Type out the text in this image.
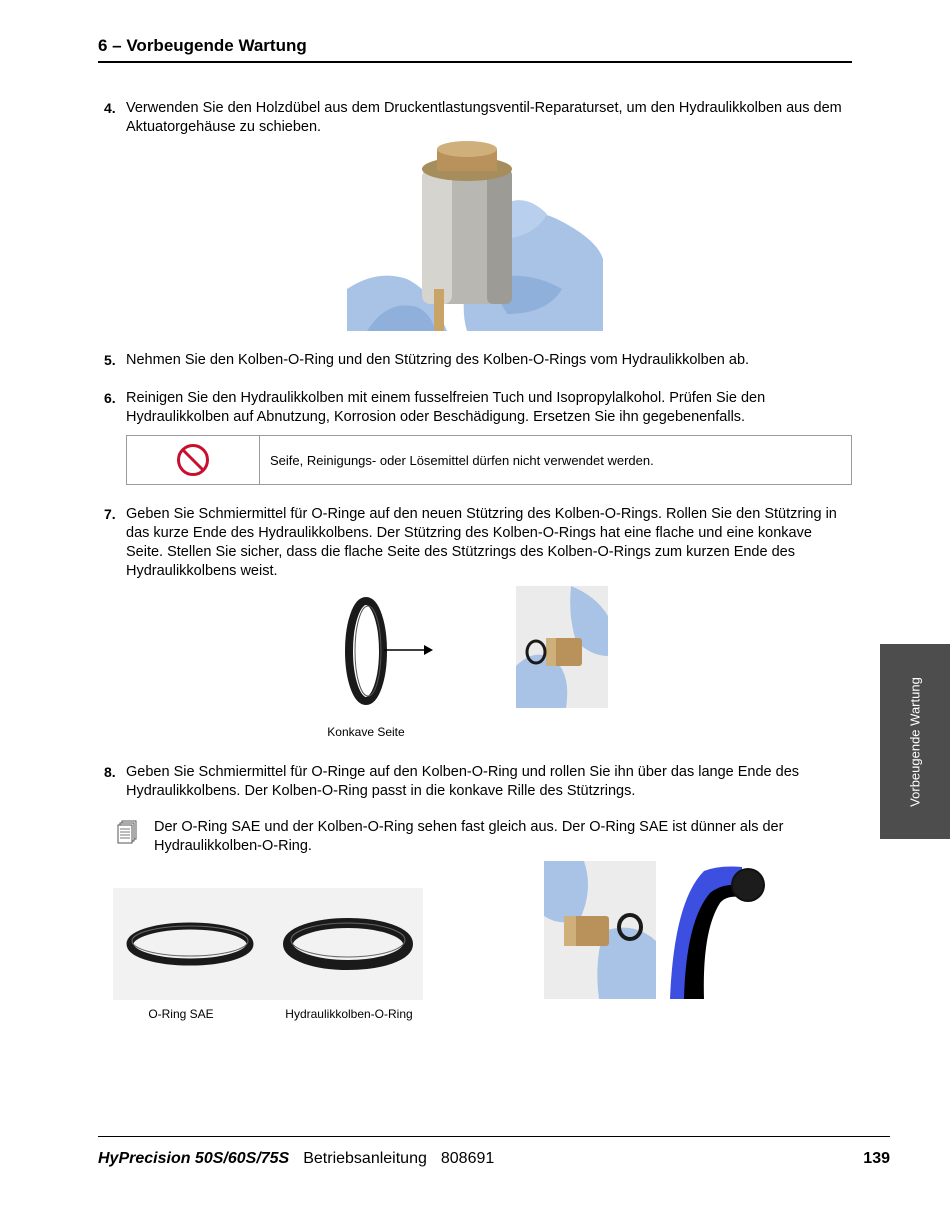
6 – Vorbeugende Wartung
4. Verwenden Sie den Holzdübel aus dem Druckentlastungsventil-Reparaturset, um den Hydraulikkolben aus dem Aktuatorgehäuse zu schieben.
5. Nehmen Sie den Kolben-O-Ring und den Stützring des Kolben-O-Rings vom Hydraulikkolben ab.
6. Reinigen Sie den Hydraulikkolben mit einem fusselfreien Tuch und Isopropylalkohol. Prüfen Sie den Hydraulikkolben auf Abnutzung, Korrosion oder Beschädigung. Ersetzen Sie ihn gegebenenfalls.
Seife, Reinigungs- oder Lösemittel dürfen nicht verwendet werden.
7. Geben Sie Schmiermittel für O-Ringe auf den neuen Stützring des Kolben-O-Rings. Rollen Sie den Stützring in das kurze Ende des Hydraulikkolbens. Der Stützring des Kolben-O-Rings hat eine flache und eine konkave Seite. Stellen Sie sicher, dass die flache Seite des Stützrings des Kolben-O-Rings zum kurzen Ende des Hydraulikkolbens weist.
Konkave Seite
8. Geben Sie Schmiermittel für O-Ringe auf den Kolben-O-Ring und rollen Sie ihn über das lange Ende des Hydraulikkolbens. Der Kolben-O-Ring passt in die konkave Rille des Stützrings.
Der O-Ring SAE und der Kolben-O-Ring sehen fast gleich aus. Der O-Ring SAE ist dünner als der Hydraulikkolben-O-Ring.
O-Ring SAE	Hydraulikkolben-O-Ring
Vorbeugende Wartung
HyPrecision 50S/60S/75S Betriebsanleitung 808691	139
